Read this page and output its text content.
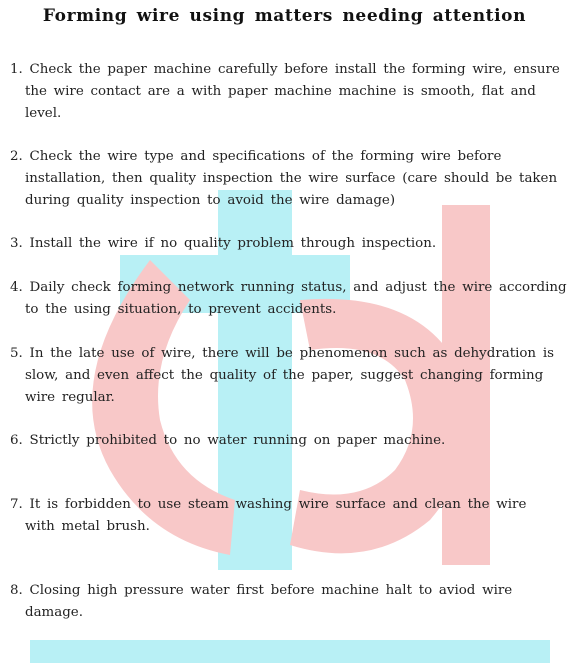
Forming wire using matters needing attention
1. Check the paper machine carefully before install the forming wire, ensure
the wire contact are a with paper machine machine is smooth, flat and
level.
2. Check the wire type and specifications of the forming wire before
installation, then quality inspection the wire surface (care should be taken
during quality inspection to avoid the wire damage)
3. Install the wire if no quality problem through inspection.
4. Daily check forming network running status, and adjust the wire according
to the using situation, to prevent accidents.
5. In the late use of wire, there will be phenomenon such as dehydration is
slow, and even affect the quality of the paper, suggest changing forming
wire regular.
6. Strictly prohibited to no water running on paper machine.
7. It is forbidden to use steam washing wire surface and clean the wire
with metal brush.
8. Closing high pressure water first before machine halt to aviod wire
damage.
